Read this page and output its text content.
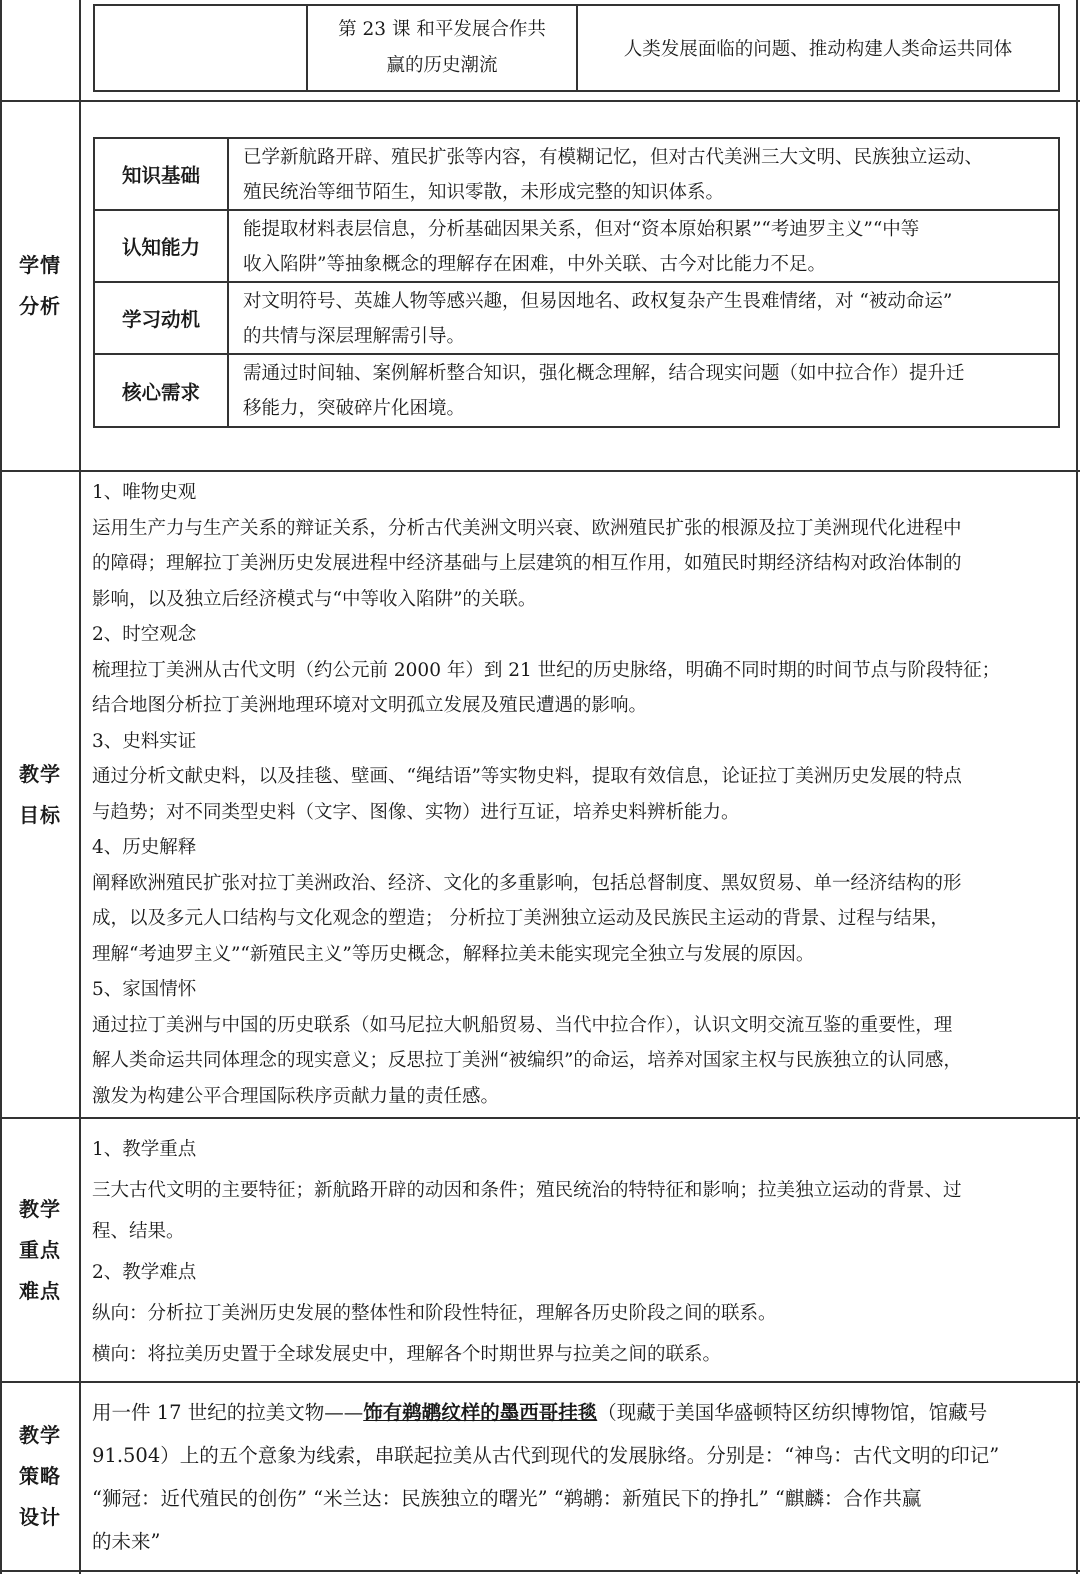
第 23 课 和平发展合作共
赢的历史潮流
人类发展面临的问题、推动构建人类命运共同体
学情
分析
知识基础
已学新航路开辟、殖民扩张等内容，有模糊记忆，但对古代美洲三大文明、民族独立运动、
殖民统治等细节陌生，知识零散，未形成完整的知识体系。
认知能力
能提取材料表层信息，分析基础因果关系，但对“资本原始积累”“考迪罗主义”“中等
收入陷阱”等抽象概念的理解存在困难，中外关联、古今对比能力不足。
学习动机
对文明符号、英雄人物等感兴趣，但易因地名、政权复杂产生畏难情绪，对 “被动命运”
的共情与深层理解需引导。
核心需求
需通过时间轴、案例解析整合知识，强化概念理解，结合现实问题（如中拉合作）提升迁
移能力，突破碎片化困境。
教学
目标

1、唯物史观

运用生产力与生产关系的辩证关系，分析古代美洲文明兴衰、欧洲殖民扩张的根源及拉丁美洲现代化进程中

的障碍；理解拉丁美洲历史发展进程中经济基础与上层建筑的相互作用，如殖民时期经济结构对政治体制的

影响，以及独立后经济模式与“中等收入陷阱”的关联。

2、时空观念

梳理拉丁美洲从古代文明（约公元前 2000 年）到 21 世纪的历史脉络，明确不同时期的时间节点与阶段特征；

结合地图分析拉丁美洲地理环境对文明孤立发展及殖民遭遇的影响。

3、史料实证

通过分析文献史料，以及挂毯、壁画、“绳结语”等实物史料，提取有效信息，论证拉丁美洲历史发展的特点

与趋势；对不同类型史料（文字、图像、实物）进行互证，培养史料辨析能力。

4、历史解释

阐释欧洲殖民扩张对拉丁美洲政治、经济、文化的多重影响，包括总督制度、黑奴贸易、单一经济结构的形

成，以及多元人口结构与文化观念的塑造； 分析拉丁美洲独立运动及民族民主运动的背景、过程与结果，

理解“考迪罗主义”“新殖民主义”等历史概念，解释拉美未能实现完全独立与发展的原因。

5、家国情怀

通过拉丁美洲与中国的历史联系（如马尼拉大帆船贸易、当代中拉合作），认识文明交流互鉴的重要性，理

解人类命运共同体理念的现实意义；反思拉丁美洲“被编织”的命运，培养对国家主权与民族独立的认同感，

激发为构建公平合理国际秩序贡献力量的责任感。

教学
重点
难点

1、教学重点

三大古代文明的主要特征；新航路开辟的动因和条件；殖民统治的特特征和影响；拉美独立运动的背景、过

程、结果。

2、教学难点

纵向：分析拉丁美洲历史发展的整体性和阶段性特征，理解各历史阶段之间的联系。

横向：将拉美历史置于全球发展史中，理解各个时期世界与拉美之间的联系。

教学
策略
设计

用一件 17 世纪的拉美文物——饰有鹈鹕纹样的墨西哥挂毯（现藏于美国华盛顿特区纺织博物馆，馆藏号

91.504）上的五个意象为线索，串联起拉美从古代到现代的发展脉络。分别是：“神鸟：古代文明的印记”

“狮冠：近代殖民的创伤” “米兰达：民族独立的曙光” “鹈鹕：新殖民下的挣扎” “麒麟：合作共赢

的未来”
